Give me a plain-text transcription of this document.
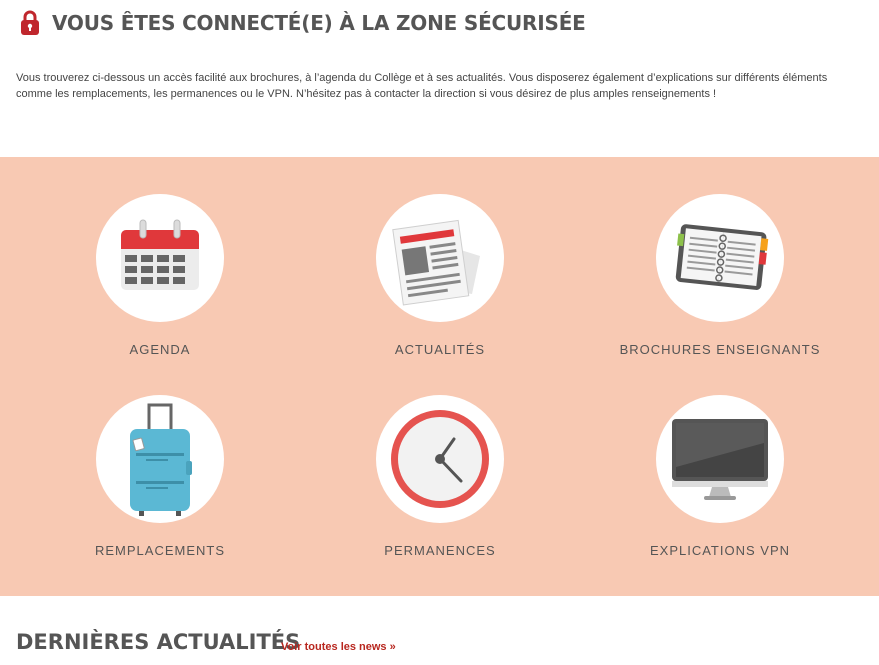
VOUS ÊTES CONNECTÉ(E) À LA ZONE SÉCURISÉE

Vous trouverez ci-dessous un accès facilité aux brochures, à l’agenda du Collège et à ses actualités. Vous disposerez également d’explications sur différents éléments comme les remplacements, les permanences ou le VPN. N’hésitez pas à contacter la direction si vous désirez de plus amples renseignements !

AGENDA	ACTUALITÉS	BROCHURES ENSEIGNANTS
REMPLACEMENTS	PERMANENCES	EXPLICATIONS VPN
DERNIÈRES ACTUALITÉS
Voir toutes les news »
